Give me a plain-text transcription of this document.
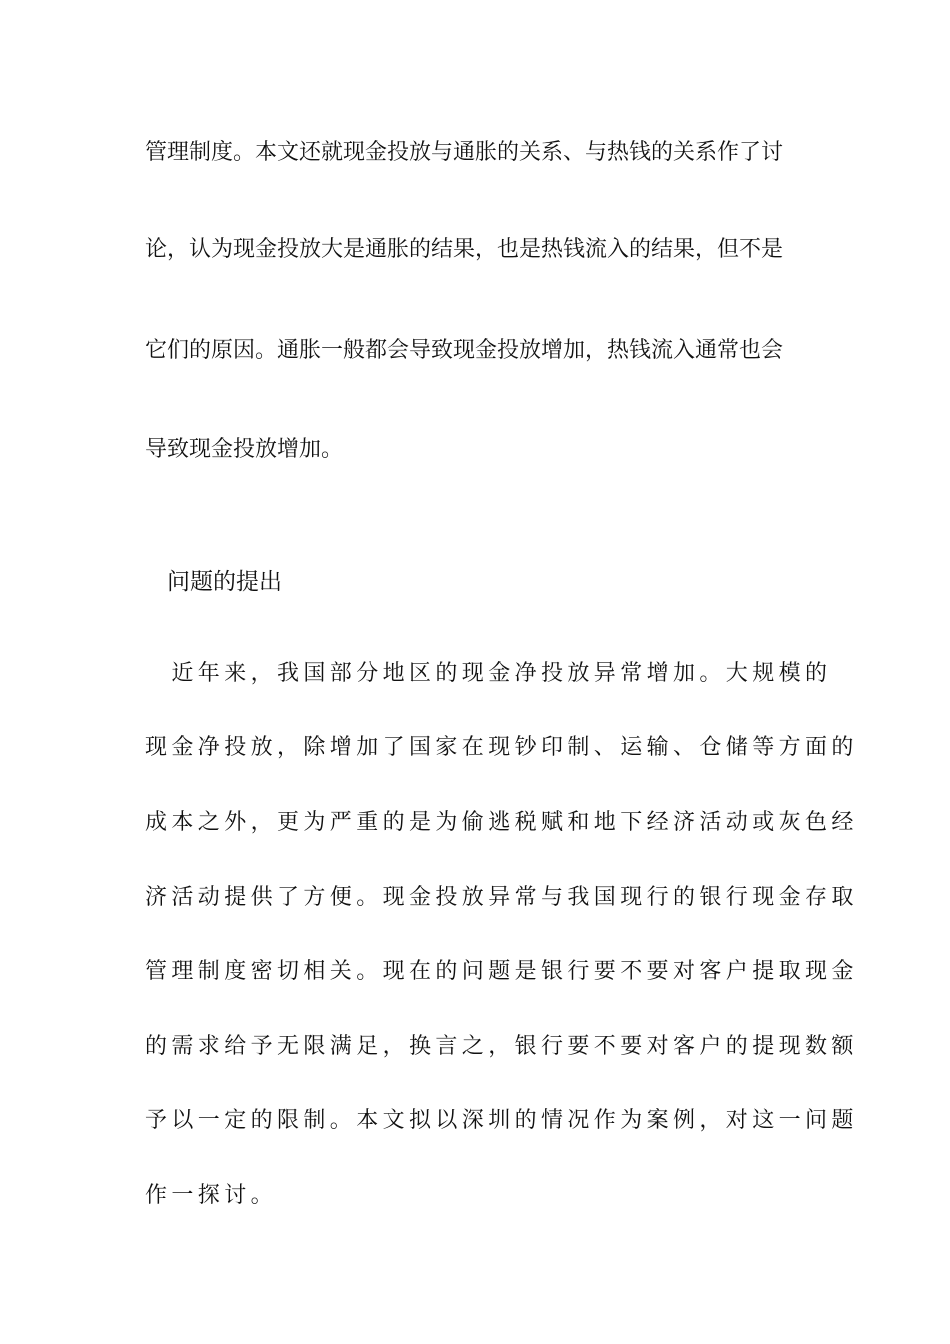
管理制度。本文还就现金投放与通胀的关系、与热钱的关系作了讨
论，认为现金投放大是通胀的结果，也是热钱流入的结果，但不是
它们的原因。通胀一般都会导致现金投放增加，热钱流入通常也会
导致现金投放增加。
问题的提出
　近年来，我国部分地区的现金净投放异常增加。大规模的
现金净投放，除增加了国家在现钞印制、运输、仓储等方面的
成本之外，更为严重的是为偷逃税赋和地下经济活动或灰色经
济活动提供了方便。现金投放异常与我国现行的银行现金存取
管理制度密切相关。现在的问题是银行要不要对客户提取现金
的需求给予无限满足，换言之，银行要不要对客户的提现数额
予以一定的限制。本文拟以深圳的情况作为案例，对这一问题
作一探讨。
